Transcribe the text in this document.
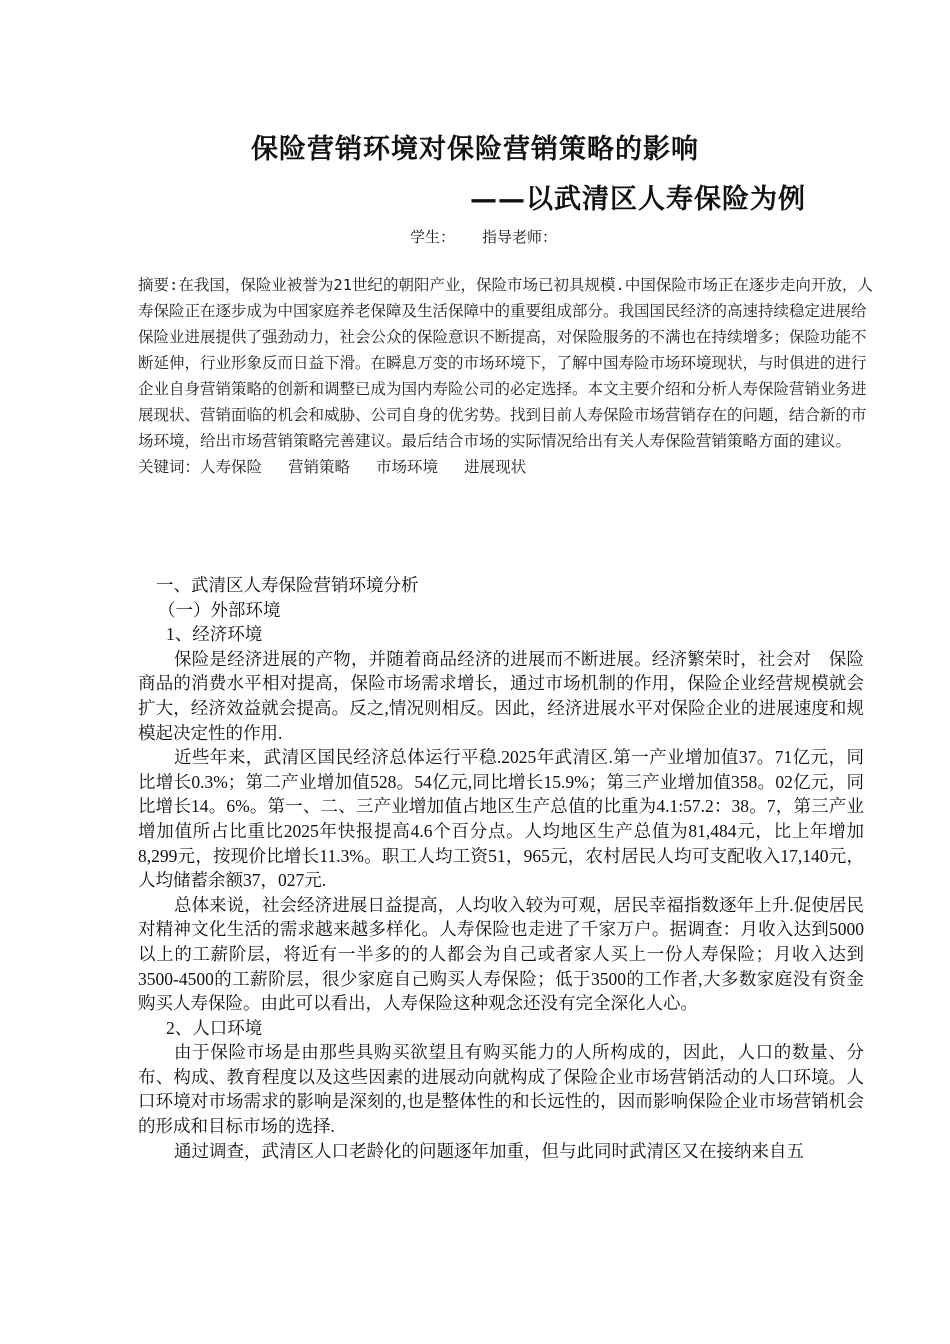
保险营销环境对保险营销策略的影响
——以武清区人寿保险为例
学生： 指导老师：

摘要:在我国，保险业被誉为21世纪的朝阳产业，保险市场已初具规模.中国保险市场正在逐步走向开放，人寿保险正在逐步成为中国家庭养老保障及生活保障中的重要组成部分。我国国民经济的高速持续稳定进展给保险业进展提供了强劲动力，社会公众的保险意识不断提高，对保险服务的不满也在持续增多；保险功能不断延伸，行业形象反而日益下滑。在瞬息万变的市场环境下，了解中国寿险市场环境现状，与时俱进的进行企业自身营销策略的创新和调整已成为国内寿险公司的必定选择。本文主要介绍和分析人寿保险营销业务进展现状、营销面临的机会和威胁、公司自身的优劣势。找到目前人寿保险市场营销存在的问题，结合新的市场环境，给出市场营销策略完善建议。最后结合市场的实际情况给出有关人寿保险营销策略方面的建议。

关键词：人寿保险 营销策略 市场环境 进展现状

一、武清区人寿保险营销环境分析
（一）外部环境
1、经济环境

保险是经济进展的产物，并随着商品经济的进展而不断进展。经济繁荣时，社会对　保险商品的消费水平相对提高，保险市场需求增长，通过市场机制的作用，保险企业经营规模就会扩大，经济效益就会提高。反之,情况则相反。因此，经济进展水平对保险企业的进展速度和规模起决定性的作用.

近些年来，武清区国民经济总体运行平稳.2025年武清区.第一产业增加值37。71亿元，同比增长0.3%；第二产业增加值528。54亿元,同比增长15.9%；第三产业增加值358。02亿元，同比增长14。6%。第一、二、三产业增加值占地区生产总值的比重为4.1:57.2：38。7，第三产业增加值所占比重比2025年快报提高4.6个百分点。人均地区生产总值为81,484元，比上年增加8,299元，按现价比增长11.3%。职工人均工资51，965元，农村居民人均可支配收入17,140元，人均储蓄余额37，027元.

总体来说，社会经济进展日益提高，人均收入较为可观，居民幸福指数逐年上升.促使居民对精神文化生活的需求越来越多样化。人寿保险也走进了千家万户。据调查：月收入达到5000以上的工薪阶层，将近有一半多的的人都会为自己或者家人买上一份人寿保险；月收入达到3500-4500的工薪阶层，很少家庭自己购买人寿保险；低于3500的工作者,大多数家庭没有资金购买人寿保险。由此可以看出，人寿保险这种观念还没有完全深化人心。

2、人口环境

由于保险市场是由那些具购买欲望且有购买能力的人所构成的，因此，人口的数量、分布、构成、教育程度以及这些因素的进展动向就构成了保险企业市场营销活动的人口环境。人口环境对市场需求的影响是深刻的,也是整体性的和长远性的，因而影响保险企业市场营销机会的形成和目标市场的选择.

通过调查，武清区人口老龄化的问题逐年加重，但与此同时武清区又在接纳来自五
